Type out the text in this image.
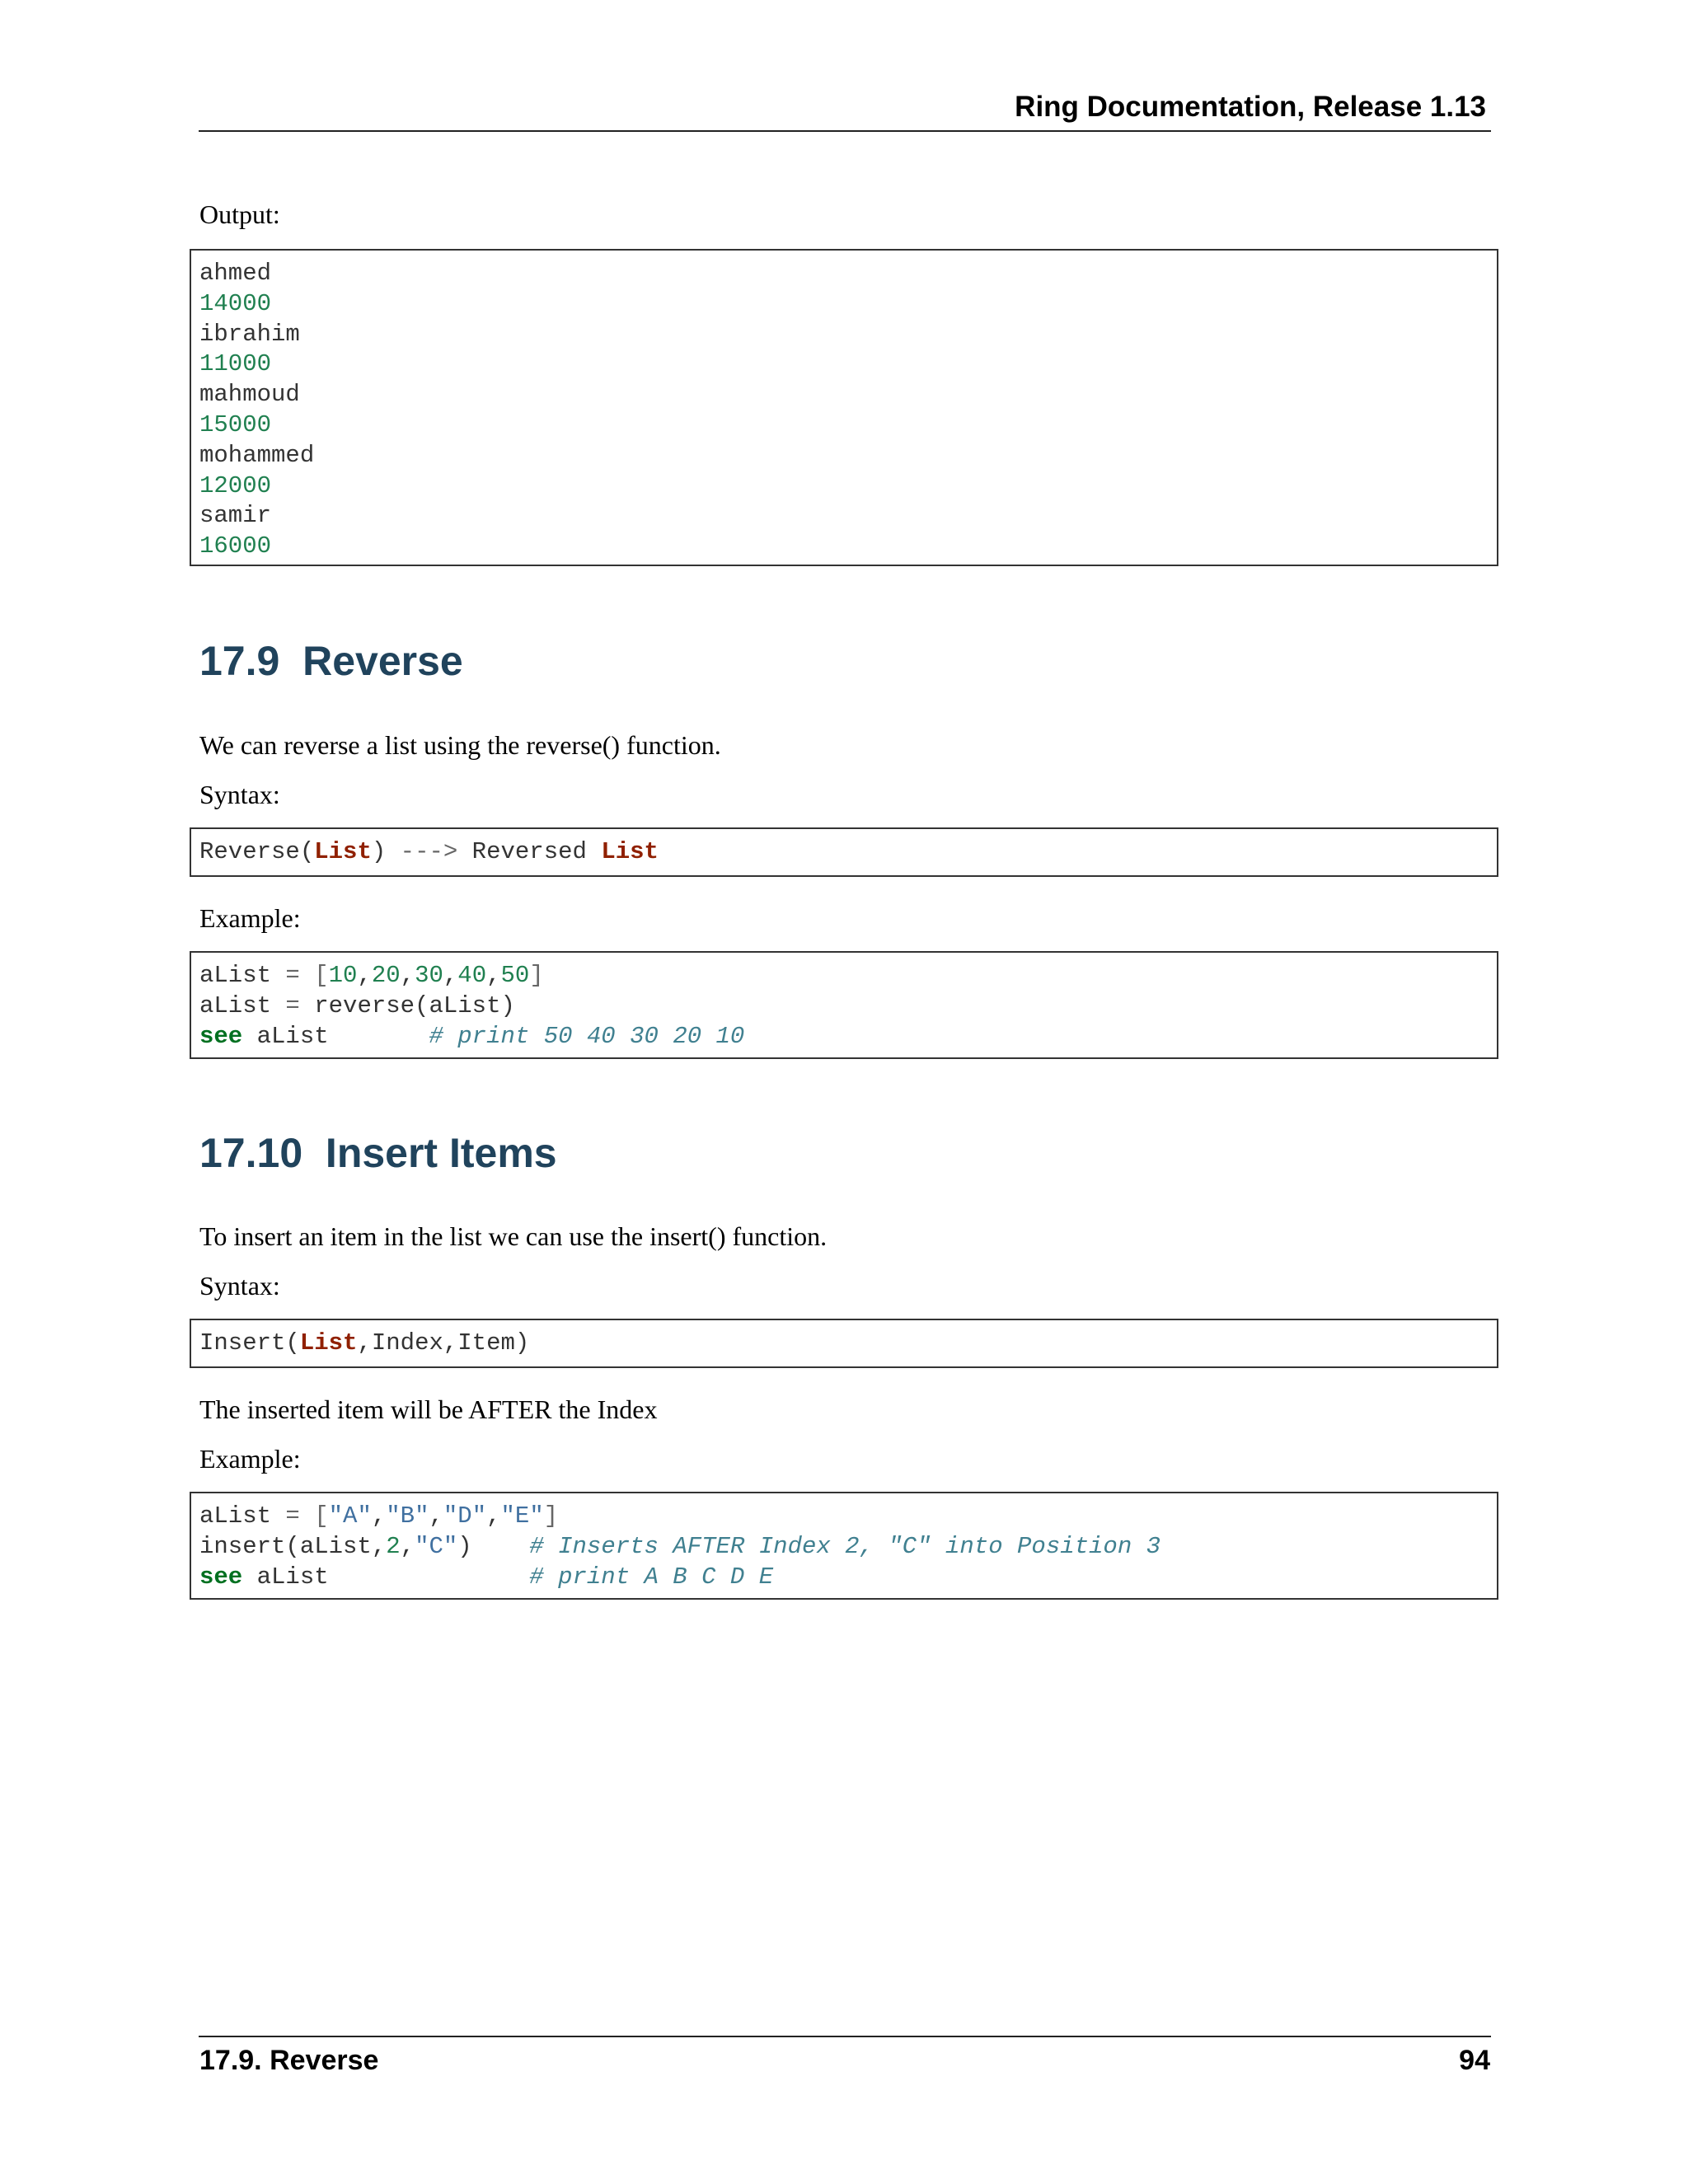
Ring Documentation, Release 1.13

Output:

ahmed
14000
ibrahim
11000
mahmoud
15000
mohammed
12000
samir
16000
17.9 Reverse

We can reverse a list using the reverse() function.

Syntax:

Reverse(List) ---> Reversed List

Example:

aList = [10,20,30,40,50]
aList = reverse(aList)
see aList	# print 50 40 30 20 10
17.10 Insert Items

To insert an item in the list we can use the insert() function.

Syntax:

Insert(List,Index,Item)

The inserted item will be AFTER the Index

Example:

aList = ["A","B","D","E"]
insert(aList,2,"C") # Inserts AFTER Index 2, "C" into Position 3
see aList	# print A B C D E
17.9. Reverse	94
